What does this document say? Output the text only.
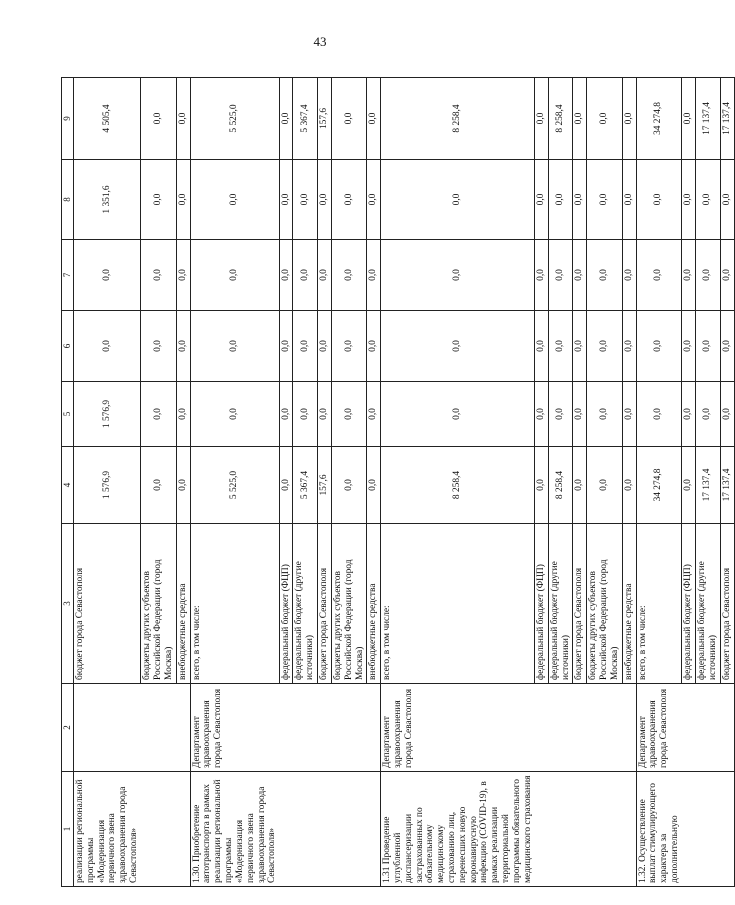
43
1	2	3	4	5	6	7	8	9
реализации региональной программы «Модернизация первичного звена здравоохранения города Севастополя»		бюджет города Севастополя	1 576,9	1 576,9	0,0	0,0	1 351,6	4 505,4
		бюджеты других субъектов Российской Федерации (город Москва)	0,0	0,0	0,0	0,0	0,0	0,0
		внебюджетные средства	0,0	0,0	0,0	0,0	0,0	0,0
1.30. Приобретение автотранспорта в рамках реализации региональной программы «Модернизация первичного звена здравоохранения города Севастополя»	Департамент здравоохранения города Севастополя	всего, в том числе:	5 525,0	0,0	0,0	0,0	0,0	5 525,0
		федеральный бюджет (ФЦП)	0,0	0,0	0,0	0,0	0,0	0,0
		федеральный бюджет (другие источники)	5 367,4	0,0	0,0	0,0	0,0	5 367,4
		бюджет города Севастополя	157,6	0,0	0,0	0,0	0,0	157,6
		бюджеты других субъектов Российской Федерации (город Москва)	0,0	0,0	0,0	0,0	0,0	0,0
		внебюджетные средства	0,0	0,0	0,0	0,0	0,0	0,0
1.31 Проведение углубленной диспансеризации застрахованных по обязательному медицинскому страхованию лиц, перенесших новую коронавирусную инфекцию (COVID-19), в рамках реализации территориальной программы обязательного медицинского страхования	Департамент здравоохранения города Севастополя	всего, в том числе:	8 258,4	0,0	0,0	0,0	0,0	8 258,4
		федеральный бюджет (ФЦП)	0,0	0,0	0,0	0,0	0,0	0,0
		федеральный бюджет (другие источники)	8 258,4	0,0	0,0	0,0	0,0	8 258,4
		бюджет города Севастополя	0,0	0,0	0,0	0,0	0,0	0,0
		бюджеты других субъектов Российской Федерации (город Москва)	0,0	0,0	0,0	0,0	0,0	0,0
		внебюджетные средства	0,0	0,0	0,0	0,0	0,0	0,0
1.32. Осуществление выплат стимулирующего характера за дополнительную	Департамент здравоохранения города Севастополя	всего, в том числе:	34 274,8	0,0	0,0	0,0	0,0	34 274,8
		федеральный бюджет (ФЦП)	0,0	0,0	0,0	0,0	0,0	0,0
		федеральный бюджет (другие источники)	17 137,4	0,0	0,0	0,0	0,0	17 137,4
		бюджет города Севастополя	17 137,4	0,0	0,0	0,0	0,0	17 137,4
